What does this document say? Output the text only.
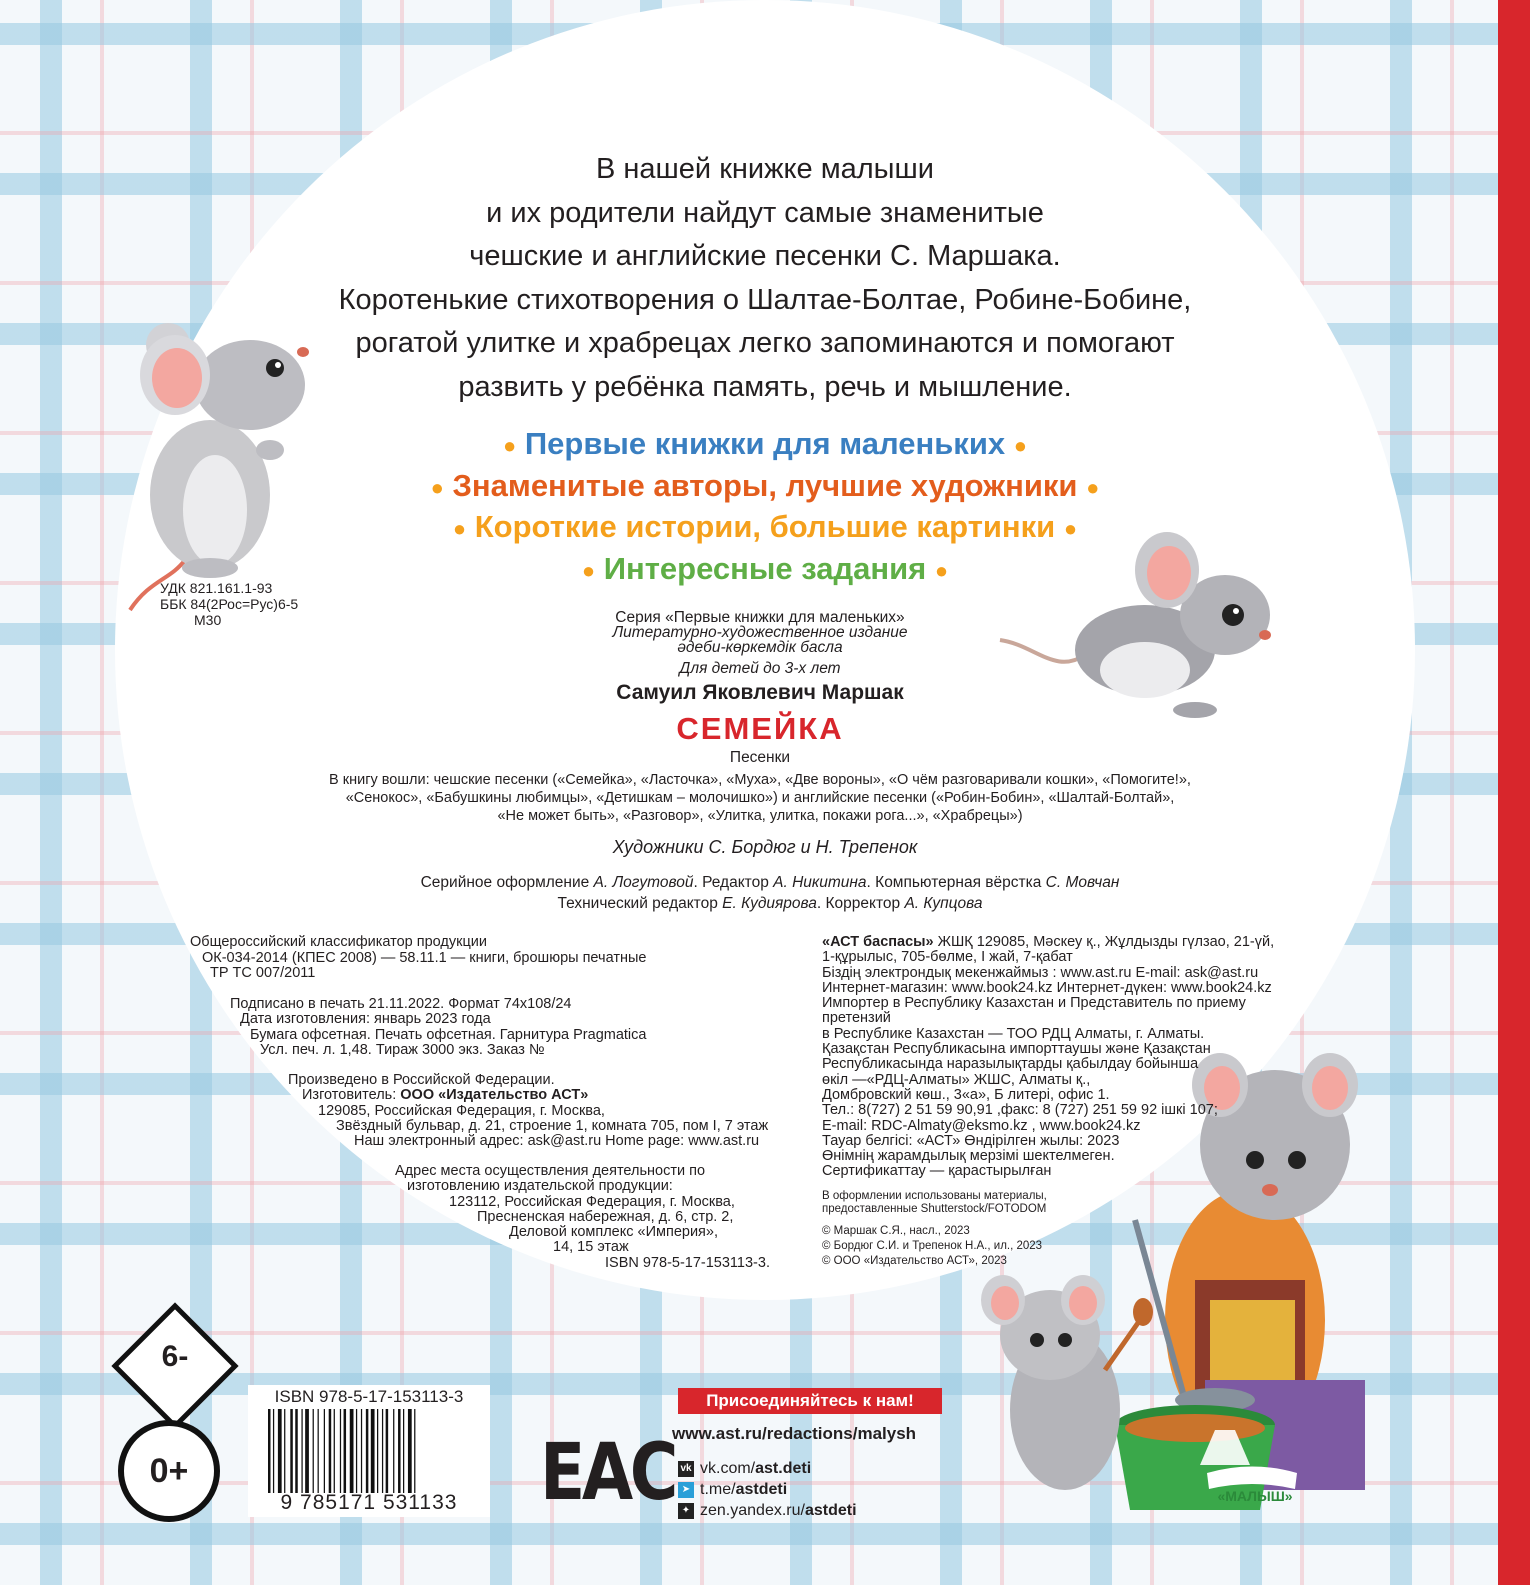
В нашей книжке малыши
и их родители найдут самые знаменитые
чешские и английские песенки С. Маршака.
Коротенькие стихотворения о Шалтае-Болтае, Робине-Бобине,
рогатой улитке и храбрецах легко запоминаются и помогают
развить у ребёнка память, речь и мышление.
● Первые книжки для маленьких ●
● Знаменитые авторы, лучшие художники ●
● Короткие истории, большие картинки ●
● Интересные задания ●
УДК 821.161.1-93
ББК 84(2Рос=Рус)6-5
М30	Серия «Первые книжки для маленьких»
Литературно-художественное издание
әдеби-көркемдік басла
Для детей до 3-х лет
Самуил Яковлевич Маршак
СЕМЕЙКА
Песенки
В книгу вошли: чешские песенки («Семейка», «Ласточка», «Муха», «Две вороны», «О чём разговаривали кошки», «Помогите!»,
«Сенокос», «Бабушкины любимцы», «Детишкам – молочишко») и английские песенки («Робин-Бобин», «Шалтай-Болтай»,
«Не может быть», «Разговор», «Улитка, улитка, покажи рога...», «Храбрецы»)
Художники С. Бордюг и Н. Трепенок
Серийное оформление А. Логутовой. Редактор А. Никитина. Компьютерная вёрстка С. Мовчан
Технический редактор Е. Кудиярова. Корректор А. Купцова
Общероссийский классификатор продукции
ОК-034-2014 (КПЕС 2008) — 58.11.1 — книги, брошюры печатные
ТР ТС 007/2011
Подписано в печать 21.11.2022. Формат 74х108/24
Дата изготовления: январь 2023 года
Бумага офсетная. Печать офсетная. Гарнитура Pragmatica
Усл. печ. л. 1,48. Тираж 3000 экз. Заказ №
Произведено в Российской Федерации.
Изготовитель: ООО «Издательство АСТ»
129085, Российская Федерация, г. Москва,
Звёздный бульвар, д. 21, строение 1, комната 705, пом I, 7 этаж
Наш электронный адрес: ask@ast.ru Home page: www.ast.ru
Адрес места осуществления деятельности по
изготовлению издательской продукции:
123112, Российская Федерация, г. Москва,
Пресненская набережная, д. 6, стр. 2,
Деловой комплекс «Империя»,
14, 15 этаж
ISBN 978-5-17-153113-3.
«АСТ баспасы» ЖШҚ 129085, Мәскеу қ., Жұлдызды гүлзао, 21-үй,
1-құрылыс, 705-бөлме, I жай, 7-қабат
Біздің электрондық мекенжаймыз : www.ast.ru E-mail: ask@ast.ru
Интернет-магазин: www.book24.kz Интернет-дүкен: www.book24.kz
Импортер в Республику Казахстан и Представитель по приему
претензий
в Республике Казахстан — ТОО РДЦ Алматы, г. Алматы.
Қазақстан Республикасына импорттаушы және Қазақстан
Республикасында наразылықтарды қабылдау бойынша
өкіл —«РДЦ-Алматы» ЖШС, Алматы қ.,
Домбровский көш., 3«а», Б литері, офис 1.
Тел.: 8(727) 2 51 59 90,91 ,факс: 8 (727) 251 59 92 ішкі 107;
E-mail: RDC-Almaty@eksmo.kz , www.book24.kz
Тауар белгісі: «АСТ» Өндірілген жылы: 2023
Өнімнің жарамдылық мерзімі шектелмеген.
Сертификаттау — қарастырылған
В оформлении использованы материалы,
предоставленные Shutterstock/FOTODOM
© Маршак С.Я., насл., 2023
© Бордюг С.И. и Трепенок Н.А., ил., 2023
© ООО «Издательство АСТ», 2023
6-
0+
ISBN 978-5-17-153113-3
9 785171 531133	EAC
Присоединяйтесь к нам!
www.ast.ru/redactions/malysh
vk vk.com/ ast.deti
➤ t.me/ astdeti
✦ zen.yandex.ru/ astdeti
«МАЛЫШ»
